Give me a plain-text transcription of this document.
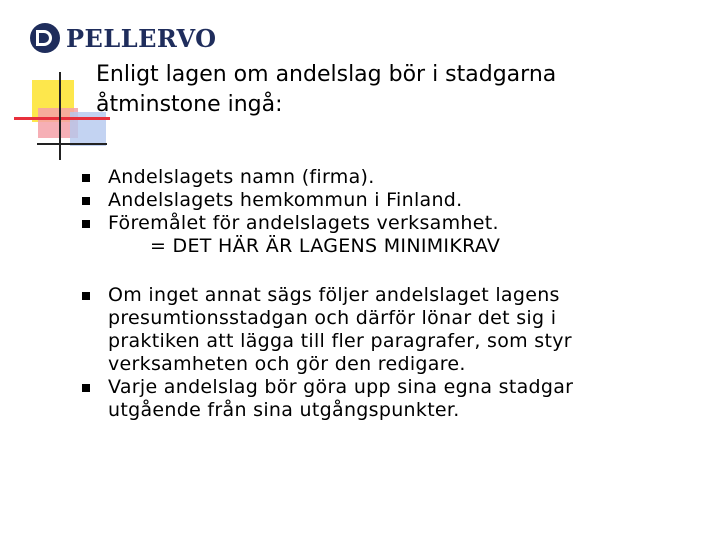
PELLERVO
Enligt lagen om andelslag bör i stadgarna
åtminstone ingå:
Andelslagets namn (firma).
Andelslagets hemkommun i Finland.
Föremålet för andelslagets verksamhet.
= DET HÄR ÄR LAGENS MINIMIKRAV
Om inget annat sägs följer andelslaget lagens
presumtionsstadgan och därför lönar det sig i
praktiken att lägga till fler paragrafer, som styr
verksamheten och gör den redigare.
Varje andelslag bör göra upp sina egna stadgar
utgående från sina utgångspunkter.
